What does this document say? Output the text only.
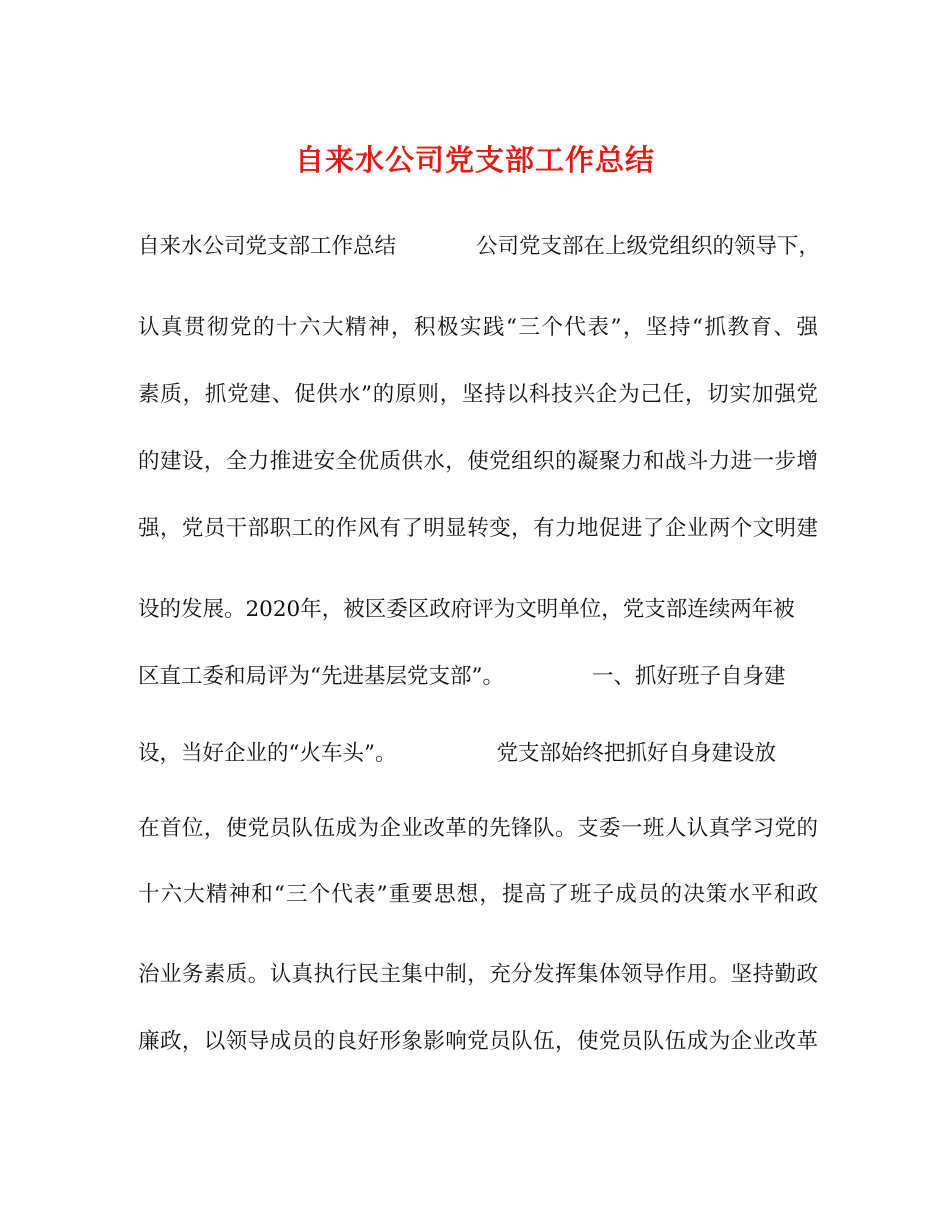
自来水公司党支部工作总结
自来水公司党支部工作总结	公司党支部在上级党组织的领导下，
认真贯彻党的十六大精神，积极实践“三个代表”，坚持“抓教育、强
素质，抓党建、促供水”的原则，坚持以科技兴企为己任，切实加强党
的建设，全力推进安全优质供水，使党组织的凝聚力和战斗力进一步增
强，党员干部职工的作风有了明显转变，有力地促进了企业两个文明建
设的发展。2020年，被区委区政府评为文明单位，党支部连续两年被
区直工委和局评为“先进基层党支部”。	一、抓好班子自身建
设，当好企业的“火车头”。	党支部始终把抓好自身建设放
在首位，使党员队伍成为企业改革的先锋队。支委一班人认真学习党的
十六大精神和“三个代表”重要思想，提高了班子成员的决策水平和政
治业务素质。认真执行民主集中制，充分发挥集体领导作用。坚持勤政
廉政，以领导成员的良好形象影响党员队伍，使党员队伍成为企业改革
